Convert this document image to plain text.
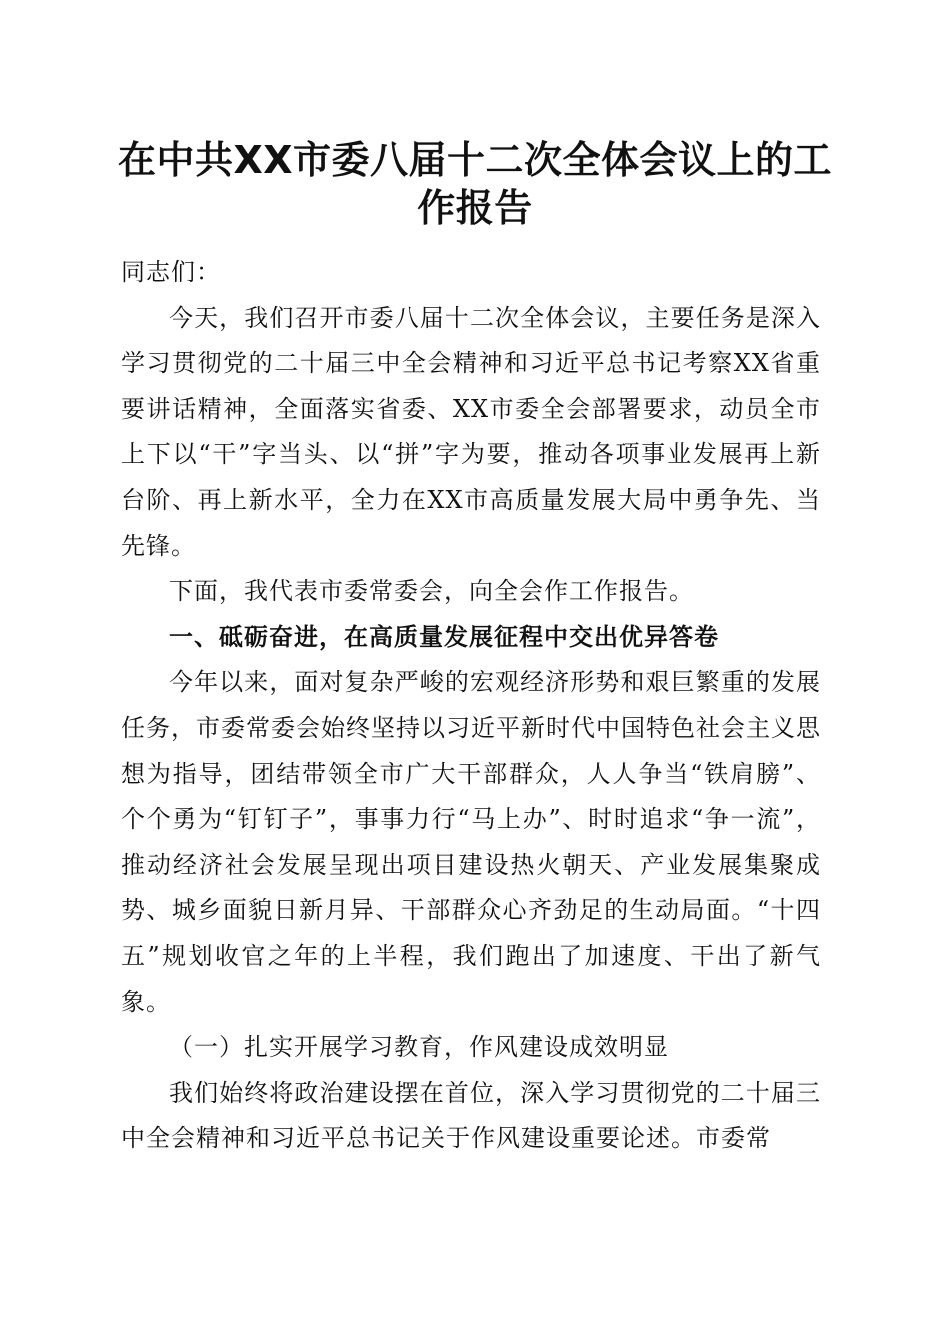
在中共XX市委八届十二次全体会议上的工作报告

同志们：

今天，我们召开市委八届十二次全体会议，主要任务是深入学习贯彻党的二十届三中全会精神和习近平总书记考察XX省重要讲话精神，全面落实省委、XX市委全会部署要求，动员全市上下以“干”字当头、以“拼”字为要，推动各项事业发展再上新台阶、再上新水平，全力在XX市高质量发展大局中勇争先、当先锋。

下面，我代表市委常委会，向全会作工作报告。

一、砥砺奋进，在高质量发展征程中交出优异答卷

今年以来，面对复杂严峻的宏观经济形势和艰巨繁重的发展任务，市委常委会始终坚持以习近平新时代中国特色社会主义思想为指导，团结带领全市广大干部群众，人人争当“铁肩膀”、个个勇为“钉钉子”，事事力行“马上办”、时时追求“争一流”，推动经济社会发展呈现出项目建设热火朝天、产业发展集聚成势、城乡面貌日新月异、干部群众心齐劲足的生动局面。“十四五”规划收官之年的上半程，我们跑出了加速度、干出了新气象。

（一）扎实开展学习教育，作风建设成效明显

我们始终将政治建设摆在首位，深入学习贯彻党的二十届三中全会精神和习近平总书记关于作风建设重要论述。市委常
